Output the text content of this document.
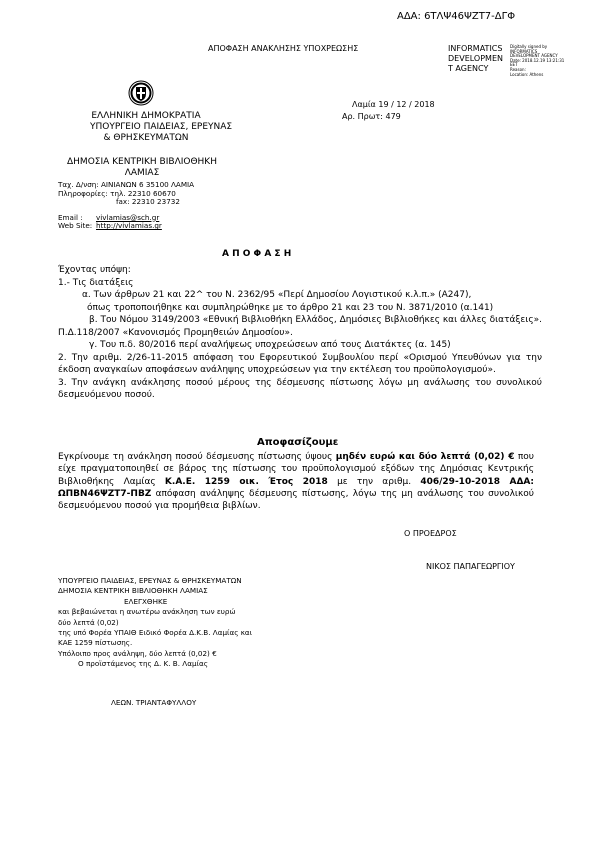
ΑΔΑ: 6ΤΛΨ46ΨΖΤ7-ΔΓΦ
ΑΠΟΦΑΣΗ ΑΝΑΚΛΗΣΗΣ ΥΠΟΧΡΕΩΣΗΣ	INFORMATICS
DEVELOPMEN
T AGENCY
Digitally signed by
INFORMATICS
DEVELOPMENT AGENCY
Date: 2018.12.19 13:21:31
EET
Reason:
Location: Athens
ΕΛΛΗΝΙΚΗ ΔΗΜΟΚΡΑΤΙΑ
ΥΠΟΥΡΓΕΙΟ ΠΑΙΔΕΙΑΣ, ΕΡΕΥΝΑΣ
& ΘΡΗΣΚΕΥΜΑΤΩΝ
ΔΗΜΟΣΙΑ ΚΕΝΤΡΙΚΗ ΒΙΒΛΙΟΘΗΚΗ
ΛΑΜΙΑΣ
Ταχ. Δ/νση: ΑΙΝΙΑΝΩΝ 6 35100 ΛΑΜΙΑ
Πληροφορίες: τηλ. 22310 60670
fax: 22310 23732
Email : vivlamias@sch.gr
Web Site: http://vivlamias.gr
Λαμία 19 / 12 / 2018
Αρ. Πρωτ: 479
Α Π Ο Φ Α Σ Η
Έχοντας υπόψη:
1.- Τις διατάξεις
α. Των άρθρων 21 και 22^ του Ν. 2362/95 «Περί Δημοσίου Λογιστικού κ.λ.π.» (Α247),
όπως τροποποιήθηκε και συμπληρώθηκε με το άρθρο 21 και 23 του Ν. 3871/2010 (α.141)
β. Του Νόμου 3149/2003 «Εθνική Βιβλιοθήκη Ελλάδος, Δημόσιες Βιβλιοθήκες και άλλες διατάξεις». Π.Δ.118/2007 «Κανονισμός Προμηθειών Δημοσίου».
γ. Του π.δ. 80/2016 περί αναλήψεως υποχρεώσεων από τους Διατάκτες (α. 145)
2. Την αριθμ. 2/26-11-2015 απόφαση του Εφορευτικού Συμβουλίου περί «Ορισμού Υπευθύνων για την έκδοση αναγκαίων αποφάσεων ανάληψης υποχρεώσεων για την εκτέλεση του προϋπολογισμού».
3. Την ανάγκη ανάκλησης ποσού μέρους της δέσμευσης πίστωσης λόγω μη ανάλωσης του συνολικού δεσμευόμενου ποσού.
Αποφασίζουμε
Εγκρίνουμε τη ανάκληση ποσού δέσμευσης πίστωσης ύψους μηδέν ευρώ και δύο λεπτά (0,02) € που είχε πραγματοποιηθεί σε βάρος της πίστωσης του προϋπολογισμού εξόδων της Δημόσιας Κεντρικής Βιβλιοθήκης Λαμίας Κ.Α.Ε. 1259 οικ. Έτος 2018 με την αριθμ. 406/29-10-2018 ΑΔΑ: ΩΠΒΝ46ΨΖΤ7-ΠΒΖ απόφαση ανάληψης δέσμευσης πίστωσης, λόγω της μη ανάλωσης του συνολικού δεσμευόμενου ποσού για προμήθεια βιβλίων.
Ο ΠΡΟΕΔΡΟΣ
ΝΙΚΟΣ ΠΑΠΑΓΕΩΡΓΙΟΥ
ΥΠΟΥΡΓΕΙΟ ΠΑΙΔΕΙΑΣ, ΕΡΕΥΝΑΣ & ΘΡΗΣΚΕΥΜΑΤΩΝ
ΔΗΜΟΣΙΑ ΚΕΝΤΡΙΚΗ ΒΙΒΛΙΟΘΗΚΗ ΛΑΜΙΑΣ
ΕΛΕΓΧΘΗΚΕ
και βεβαιώνεται η ανωτέρω ανάκληση των ευρώ
δύο λεπτά (0,02)
της υπό Φορέα ΥΠΑΙΘ Ειδικό Φορέα Δ.Κ.Β. Λαμίας και
ΚΑΕ 1259 πίστωσης.
Υπόλοιπο προς ανάληψη, δύο λεπτά (0,02) €
Ο προϊστάμενος της Δ. Κ. Β. Λαμίας
ΛΕΩΝ. ΤΡΙΑΝΤΑΦΥΛΛΟΥ
